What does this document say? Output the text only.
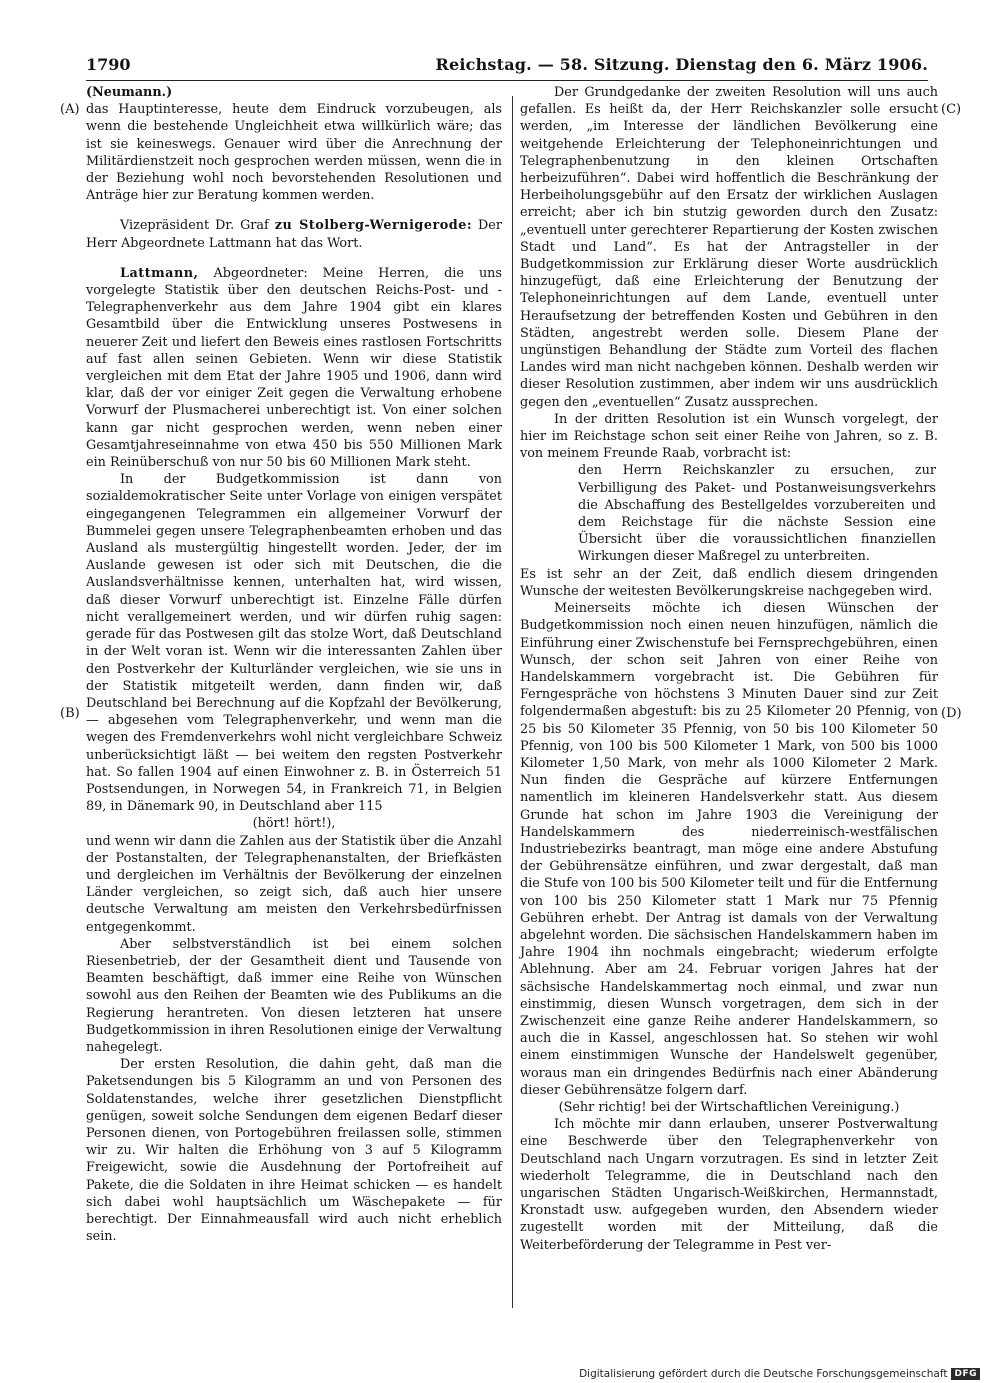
1790	Reichstag. — 58. Sitzung. Dienstag den 6. März 1906.
(A)
(B)
(C)
(D)

(Neumann.)

das Hauptinteresse, heute dem Eindruck vorzubeugen, als wenn die bestehende Ungleichheit etwa willkürlich wäre; das ist sie keineswegs. Genauer wird über die Anrechnung der Militärdienstzeit noch gesprochen werden müssen, wenn die in der Beziehung wohl noch bevorstehenden Resolutionen und Anträge hier zur Beratung kommen werden.

Vizepräsident Dr. Graf zu Stolberg-Wernigerode: Der Herr Abgeordnete Lattmann hat das Wort.

Lattmann, Abgeordneter: Meine Herren, die uns vorgelegte Statistik über den deutschen Reichs-Post- und -Telegraphenverkehr aus dem Jahre 1904 gibt ein klares Gesamtbild über die Entwicklung unseres Postwesens in neuerer Zeit und liefert den Beweis eines rastlosen Fortschritts auf fast allen seinen Gebieten. Wenn wir diese Statistik vergleichen mit dem Etat der Jahre 1905 und 1906, dann wird klar, daß der vor einiger Zeit gegen die Verwaltung erhobene Vorwurf der Plusmacherei unberechtigt ist. Von einer solchen kann gar nicht gesprochen werden, wenn neben einer Gesamtjahreseinnahme von etwa 450 bis 550 Millionen Mark ein Reinüberschuß von nur 50 bis 60 Millionen Mark steht.

In der Budgetkommission ist dann von sozialdemokratischer Seite unter Vorlage von einigen verspätet eingegangenen Telegrammen ein allgemeiner Vorwurf der Bummelei gegen unsere Telegraphenbeamten erhoben und das Ausland als mustergültig hingestellt worden. Jeder, der im Auslande gewesen ist oder sich mit Deutschen, die die Auslandsverhältnisse kennen, unterhalten hat, wird wissen, daß dieser Vorwurf unberechtigt ist. Einzelne Fälle dürfen nicht verallgemeinert werden, und wir dürfen ruhig sagen: gerade für das Postwesen gilt das stolze Wort, daß Deutschland in der Welt voran ist. Wenn wir die interessanten Zahlen über den Postverkehr der Kulturländer vergleichen, wie sie uns in der Statistik mitgeteilt werden, dann finden wir, daß Deutschland bei Berechnung auf die Kopfzahl der Bevölkerung, — abgesehen vom Telegraphenverkehr, und wenn man die wegen des Fremdenverkehrs wohl nicht vergleichbare Schweiz unberücksichtigt läßt — bei weitem den regsten Postverkehr hat. So fallen 1904 auf einen Einwohner z. B. in Österreich 51 Postsendungen, in Norwegen 54, in Frankreich 71, in Belgien 89, in Dänemark 90, in Deutschland aber 115

(hört! hört!),

und wenn wir dann die Zahlen aus der Statistik über die Anzahl der Postanstalten, der Telegraphenanstalten, der Briefkästen und dergleichen im Verhältnis der Bevölkerung der einzelnen Länder vergleichen, so zeigt sich, daß auch hier unsere deutsche Verwaltung am meisten den Verkehrsbedürfnissen entgegenkommt.

Aber selbstverständlich ist bei einem solchen Riesenbetrieb, der der Gesamtheit dient und Tausende von Beamten beschäftigt, daß immer eine Reihe von Wünschen sowohl aus den Reihen der Beamten wie des Publikums an die Regierung herantreten. Von diesen letzteren hat unsere Budgetkommission in ihren Resolutionen einige der Verwaltung nahegelegt.

Der ersten Resolution, die dahin geht, daß man die Paketsendungen bis 5 Kilogramm an und von Personen des Soldatenstandes, welche ihrer gesetzlichen Dienstpflicht genügen, soweit solche Sendungen dem eigenen Bedarf dieser Personen dienen, von Portogebühren freilassen solle, stimmen wir zu. Wir halten die Erhöhung von 3 auf 5 Kilogramm Freigewicht, sowie die Ausdehnung der Portofreiheit auf Pakete, die die Soldaten in ihre Heimat schicken — es handelt sich dabei wohl hauptsächlich um Wäschepakete — für berechtigt. Der Einnahmeausfall wird auch nicht erheblich sein.

Der Grundgedanke der zweiten Resolution will uns auch gefallen. Es heißt da, der Herr Reichskanzler solle ersucht werden, „im Interesse der ländlichen Bevölkerung eine weitgehende Erleichterung der Telephoneinrichtungen und Telegraphenbenutzung in den kleinen Ortschaften herbeizuführen“. Dabei wird hoffentlich die Beschränkung der Herbeiholungsgebühr auf den Ersatz der wirklichen Auslagen erreicht; aber ich bin stutzig geworden durch den Zusatz: „eventuell unter gerechterer Repartierung der Kosten zwischen Stadt und Land“. Es hat der Antragsteller in der Budgetkommission zur Erklärung dieser Worte ausdrücklich hinzugefügt, daß eine Erleichterung der Benutzung der Telephoneinrichtungen auf dem Lande, eventuell unter Heraufsetzung der betreffenden Kosten und Gebühren in den Städten, angestrebt werden solle. Diesem Plane der ungünstigen Behandlung der Städte zum Vorteil des flachen Landes wird man nicht nachgeben können. Deshalb werden wir dieser Resolution zustimmen, aber indem wir uns ausdrücklich gegen den „eventuellen“ Zusatz aussprechen.

In der dritten Resolution ist ein Wunsch vorgelegt, der hier im Reichstage schon seit einer Reihe von Jahren, so z. B. von meinem Freunde Raab, vorbracht ist:

den Herrn Reichskanzler zu ersuchen, zur Verbilligung des Paket- und Postanweisungsverkehrs die Abschaffung des Bestellgeldes vorzubereiten und dem Reichstage für die nächste Session eine Übersicht über die voraussichtlichen finanziellen Wirkungen dieser Maßregel zu unterbreiten.

Es ist sehr an der Zeit, daß endlich diesem dringenden Wunsche der weitesten Bevölkerungskreise nachgegeben wird.

Meinerseits möchte ich diesen Wünschen der Budgetkommission noch einen neuen hinzufügen, nämlich die Einführung einer Zwischenstufe bei Fernsprechgebühren, einen Wunsch, der schon seit Jahren von einer Reihe von Handelskammern vorgebracht ist. Die Gebühren für Ferngespräche von höchstens 3 Minuten Dauer sind zur Zeit folgendermaßen abgestuft: bis zu 25 Kilometer 20 Pfennig, von 25 bis 50 Kilometer 35 Pfennig, von 50 bis 100 Kilometer 50 Pfennig, von 100 bis 500 Kilometer 1 Mark, von 500 bis 1000 Kilometer 1,50 Mark, von mehr als 1000 Kilometer 2 Mark. Nun finden die Gespräche auf kürzere Entfernungen namentlich im kleineren Handelsverkehr statt. Aus diesem Grunde hat schon im Jahre 1903 die Vereinigung der Handelskammern des niederreinisch-westfälischen Industriebezirks beantragt, man möge eine andere Abstufung der Gebührensätze einführen, und zwar dergestalt, daß man die Stufe von 100 bis 500 Kilometer teilt und für die Entfernung von 100 bis 250 Kilometer statt 1 Mark nur 75 Pfennig Gebühren erhebt. Der Antrag ist damals von der Verwaltung abgelehnt worden. Die sächsischen Handelskammern haben im Jahre 1904 ihn nochmals eingebracht; wiederum erfolgte Ablehnung. Aber am 24. Februar vorigen Jahres hat der sächsische Handelskammertag noch einmal, und zwar nun einstimmig, diesen Wunsch vorgetragen, dem sich in der Zwischenzeit eine ganze Reihe anderer Handelskammern, so auch die in Kassel, angeschlossen hat. So stehen wir wohl einem einstimmigen Wunsche der Handelswelt gegenüber, woraus man ein dringendes Bedürfnis nach einer Abänderung dieser Gebührensätze folgern darf.

(Sehr richtig! bei der Wirtschaftlichen Vereinigung.)

Ich möchte mir dann erlauben, unserer Postverwaltung eine Beschwerde über den Telegraphenverkehr von Deutschland nach Ungarn vorzutragen. Es sind in letzter Zeit wiederholt Telegramme, die in Deutschland nach den ungarischen Städten Ungarisch-Weißkirchen, Hermannstadt, Kronstadt usw. aufgegeben wurden, den Absendern wieder zugestellt worden mit der Mitteilung, daß die Weiterbeförderung der Telegramme in Pest ver-

Digitalisierung gefördert durch die Deutsche Forschungsgemeinschaft DFG
